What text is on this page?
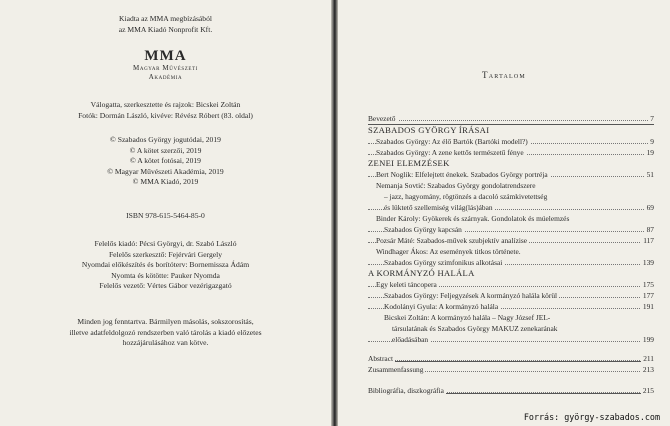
Kiadta az MMA megbízásából
az MMA Kiadó Nonprofit Kft.
MMA
Magyar Művészeti
Akadémia
Válogatta, szerkesztette és rajzok: Bicskei Zoltán
Fotók: Dormán László, kivéve: Révész Róbert (83. oldal)
© Szabados György jogutódai, 2019
© A kötet szerzői, 2019
© A kötet fotósai, 2019
© Magyar Művészeti Akadémia, 2019
© MMA Kiadó, 2019
ISBN 978-615-5464-85-0
Felelős kiadó: Pécsi Györgyi, dr. Szabó László
Felelős szerkesztő: Fejérvári Gergely
Nyomdai előkészítés és borítóterv: Bornemissza Ádám
Nyomta és kötötte: Pauker Nyomda
Felelős vezető: Vértes Gábor vezérigazgató
Minden jog fenntartva. Bármilyen másolás, sokszorosítás,
illetve adatfeldolgozó rendszerben való tárolás a kiadó előzetes
hozzájárulásához van kötve.
Tartalom
Bevezető	7
SZABADOS GYÖRGY ÍRÁSAI
Szabados György: Az élő Bartók (Bartóki modell?)	9
Szabados György: A zene kettős természetű fénye	19
ZENEI ELEMZÉSEK
Bert Noglik: Elfelejtett énekek. Szabados György portréja	51
Nemanja Sovtić: Szabados György gondolatrendszere
– jazz, hagyomány, rögtönzés a dacoló számkivetettség
és lüktető szellemiség világ(lás)ában	69
Binder Károly: Gyökerek és szárnyak. Gondolatok és múelemzés
Szabados György kapcsán	87
Pozsár Máté: Szabados-művek szubjektív analízise	117
Windhager Ákos: Az események titkos története.
Szabados György szimfonikus alkotásai	139
A KORMÁNYZÓ HALÁLA
Egy keleti táncopera	175
Szabados György: Feljegyzések A kormányzó halála körül	177
Kodolányi Gyula: A kormányzó halála	191
Bicskei Zoltán: A kormányzó halála – Nagy József JEL-
társulatának és Szabados György MAKUZ zenekarának
előadásában	199
Abstract	211
Zusammenfassung	213
Bibliográfia, diszkográfia	215
Forrás: györgy-szabados.com
